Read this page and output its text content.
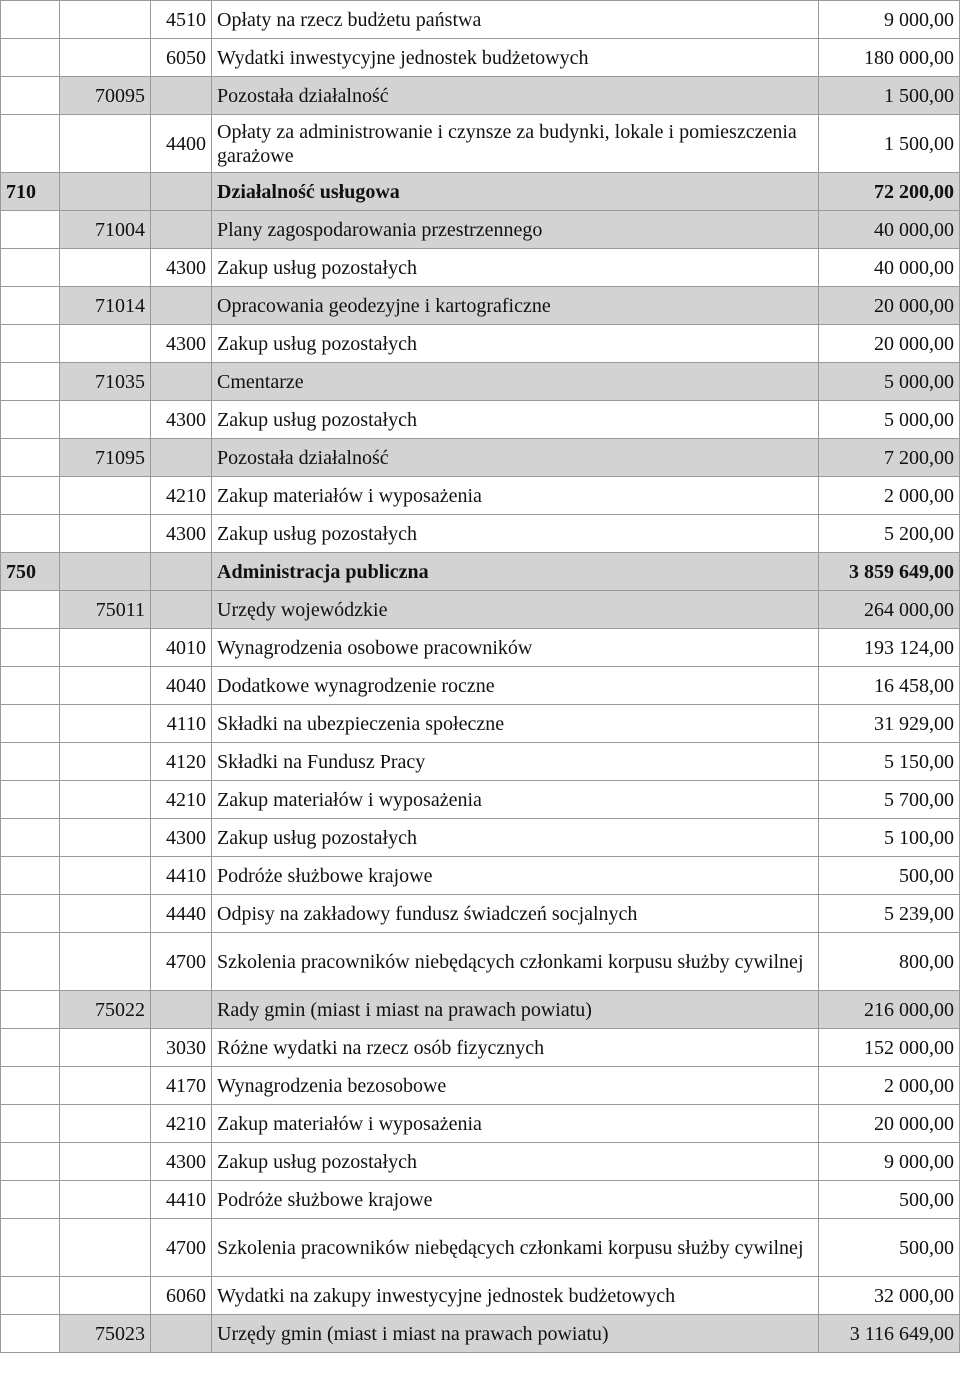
		4510	Opłaty na rzecz budżetu państwa	9 000,00
		6050	Wydatki inwestycyjne jednostek budżetowych	180 000,00
	70095		Pozostała działalność	1 500,00
		4400	Opłaty za administrowanie i czynsze za budynki, lokale i pomieszczenia garażowe	1 500,00
710			Działalność usługowa	72 200,00
	71004		Plany zagospodarowania przestrzennego	40 000,00
		4300	Zakup usług pozostałych	40 000,00
	71014		Opracowania geodezyjne i kartograficzne	20 000,00
		4300	Zakup usług pozostałych	20 000,00
	71035		Cmentarze	5 000,00
		4300	Zakup usług pozostałych	5 000,00
	71095		Pozostała działalność	7 200,00
		4210	Zakup materiałów i wyposażenia	2 000,00
		4300	Zakup usług pozostałych	5 200,00
750			Administracja publiczna	3 859 649,00
	75011		Urzędy wojewódzkie	264 000,00
		4010	Wynagrodzenia osobowe pracowników	193 124,00
		4040	Dodatkowe wynagrodzenie roczne	16 458,00
		4110	Składki na ubezpieczenia społeczne	31 929,00
		4120	Składki na Fundusz Pracy	5 150,00
		4210	Zakup materiałów i wyposażenia	5 700,00
		4300	Zakup usług pozostałych	5 100,00
		4410	Podróże służbowe krajowe	500,00
		4440	Odpisy na zakładowy fundusz świadczeń socjalnych	5 239,00
		4700	Szkolenia pracowników niebędących członkami korpusu służby cywilnej	800,00
	75022		Rady gmin (miast i miast na prawach powiatu)	216 000,00
		3030	Różne wydatki na rzecz osób fizycznych	152 000,00
		4170	Wynagrodzenia bezosobowe	2 000,00
		4210	Zakup materiałów i wyposażenia	20 000,00
		4300	Zakup usług pozostałych	9 000,00
		4410	Podróże służbowe krajowe	500,00
		4700	Szkolenia pracowników niebędących członkami korpusu służby cywilnej	500,00
		6060	Wydatki na zakupy inwestycyjne jednostek budżetowych	32 000,00
	75023		Urzędy gmin (miast i miast na prawach powiatu)	3 116 649,00
